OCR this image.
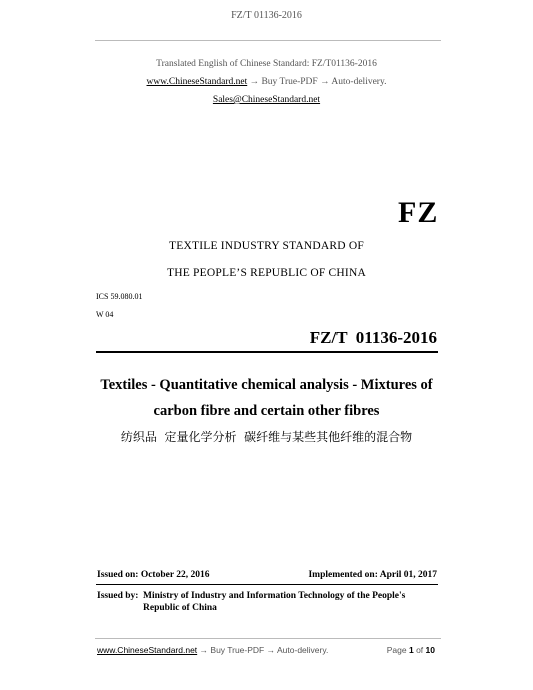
FZ/T 01136-2016
Translated English of Chinese Standard: FZ/T01136-2016
www.ChineseStandard.net → Buy True-PDF → Auto-delivery.
Sales@ChineseStandard.net
FZ
TEXTILE INDUSTRY STANDARD OF
THE PEOPLE’S REPUBLIC OF CHINA
ICS 59.080.01
W 04
FZ/T  01136-2016
Textiles - Quantitative chemical analysis - Mixtures of
carbon fibre and certain other fibres
纺织品  定量化学分析  碳纤维与某些其他纤维的混合物
Issued on: October 22, 2016	Implemented on: April 01, 2017
Issued by: Ministry of Industry and Information Technology of the People's
Republic of China
www.ChineseStandard.net → Buy True-PDF → Auto-delivery.	Page 1 of 10
